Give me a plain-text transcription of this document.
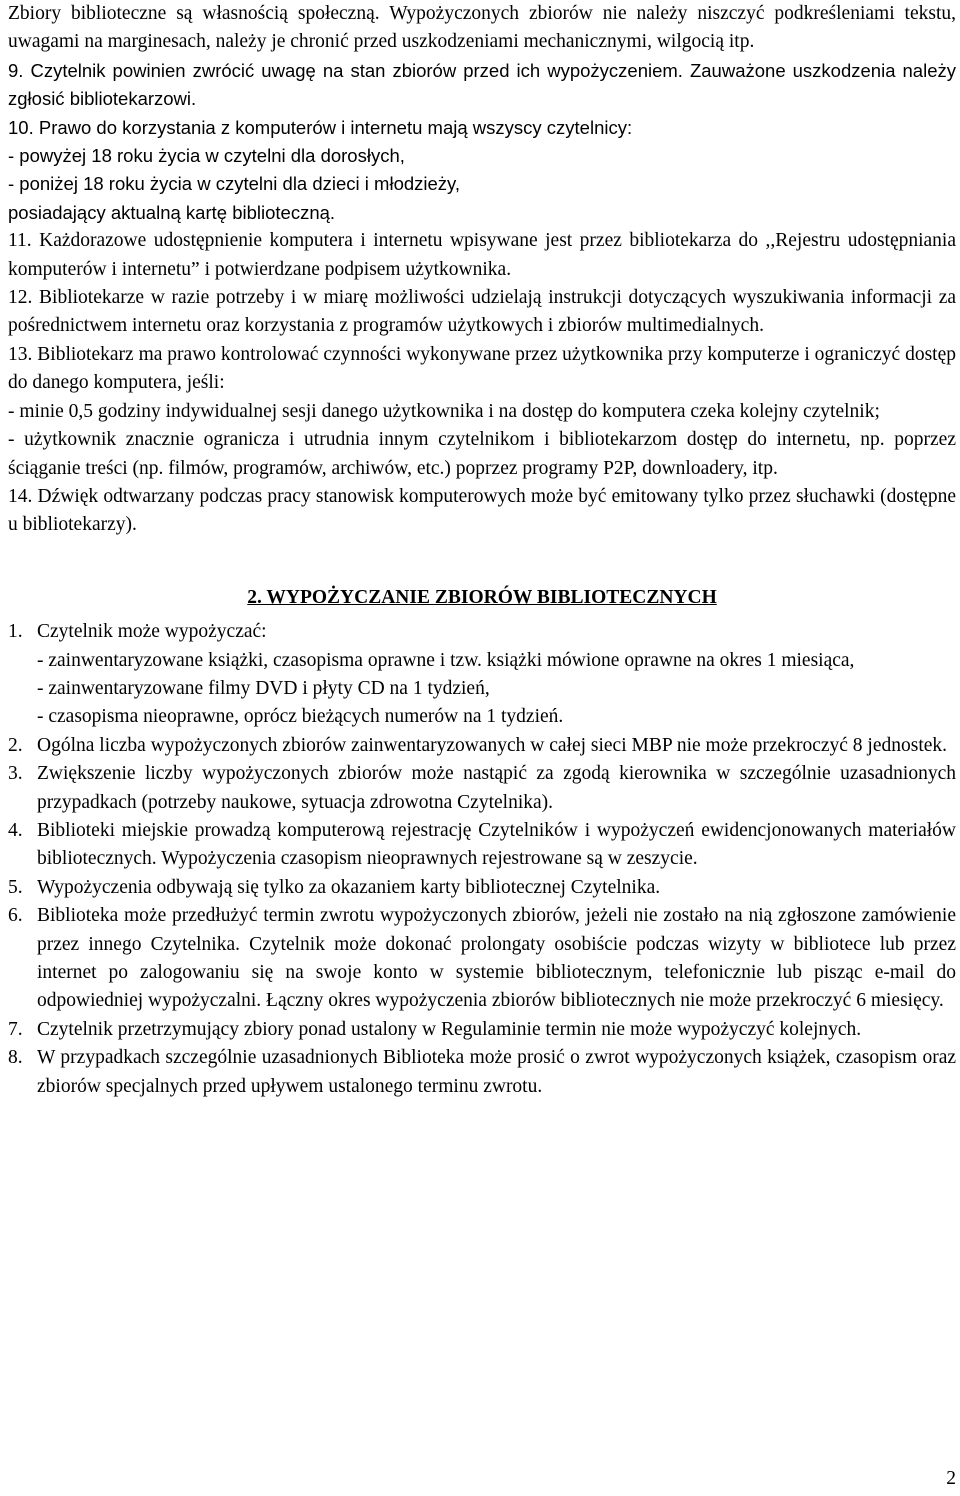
Zbiory biblioteczne są własnością społeczną. Wypożyczonych zbiorów nie należy niszczyć podkreśleniami tekstu, uwagami na marginesach, należy je chronić przed uszkodzeniami mechanicznymi, wilgocią itp.

9. Czytelnik powinien zwrócić uwagę na stan zbiorów przed ich wypożyczeniem. Zauważone uszkodzenia należy zgłosić bibliotekarzowi.

10. Prawo do korzystania z komputerów i internetu mają wszyscy czytelnicy:

- powyżej 18 roku życia w czytelni dla dorosłych,

- poniżej 18 roku życia w czytelni dla dzieci i młodzieży,

posiadający aktualną kartę biblioteczną.

11. Każdorazowe udostępnienie komputera i internetu wpisywane jest przez bibliotekarza do ,,Rejestru udostępniania komputerów i internetu” i potwierdzane podpisem użytkownika.

12. Bibliotekarze w razie potrzeby i w miarę możliwości udzielają instrukcji dotyczących wyszukiwania informacji za pośrednictwem internetu oraz korzystania z programów użytkowych i zbiorów multimedialnych.

13. Bibliotekarz ma prawo kontrolować czynności wykonywane przez użytkownika przy komputerze i ograniczyć dostęp do danego komputera, jeśli:

- minie 0,5 godziny indywidualnej sesji danego użytkownika i na dostęp do komputera czeka kolejny czytelnik;

- użytkownik znacznie ogranicza i utrudnia innym czytelnikom i bibliotekarzom dostęp do internetu, np. poprzez ściąganie treści (np. filmów, programów, archiwów, etc.) poprzez programy P2P, downloadery, itp.

14. Dźwięk odtwarzany podczas pracy stanowisk komputerowych może być emitowany tylko przez słuchawki (dostępne u bibliotekarzy).

2. WYPOŻYCZANIE ZBIORÓW BIBLIOTECZNYCH
1. Czytelnik może wypożyczać:
- zainwentaryzowane książki, czasopisma oprawne i tzw. książki mówione oprawne na okres 1 miesiąca,
- zainwentaryzowane filmy DVD i płyty CD na 1 tydzień,
- czasopisma nieoprawne, oprócz bieżących numerów na 1 tydzień.
2. Ogólna liczba wypożyczonych zbiorów zainwentaryzowanych w całej sieci MBP nie może przekroczyć 8 jednostek.
3. Zwiększenie liczby wypożyczonych zbiorów może nastąpić za zgodą kierownika w szczególnie uzasadnionych przypadkach (potrzeby naukowe, sytuacja zdrowotna Czytelnika).
4. Biblioteki miejskie prowadzą komputerową rejestrację Czytelników i wypożyczeń ewidencjonowanych materiałów bibliotecznych. Wypożyczenia czasopism nieoprawnych rejestrowane są w zeszycie.
5. Wypożyczenia odbywają się tylko za okazaniem karty bibliotecznej Czytelnika.
6. Biblioteka może przedłużyć termin zwrotu wypożyczonych zbiorów, jeżeli nie zostało na nią zgłoszone zamówienie przez innego Czytelnika. Czytelnik może dokonać prolongaty osobiście podczas wizyty w bibliotece lub przez internet po zalogowaniu się na swoje konto w systemie bibliotecznym, telefonicznie lub pisząc e-mail do odpowiedniej wypożyczalni. Łączny okres wypożyczenia zbiorów bibliotecznych nie może przekroczyć 6 miesięcy.
7. Czytelnik przetrzymujący zbiory ponad ustalony w Regulaminie termin nie może wypożyczyć kolejnych.
8. W przypadkach szczególnie uzasadnionych Biblioteka może prosić o zwrot wypożyczonych książek, czasopism oraz zbiorów specjalnych przed upływem ustalonego terminu zwrotu.
2
